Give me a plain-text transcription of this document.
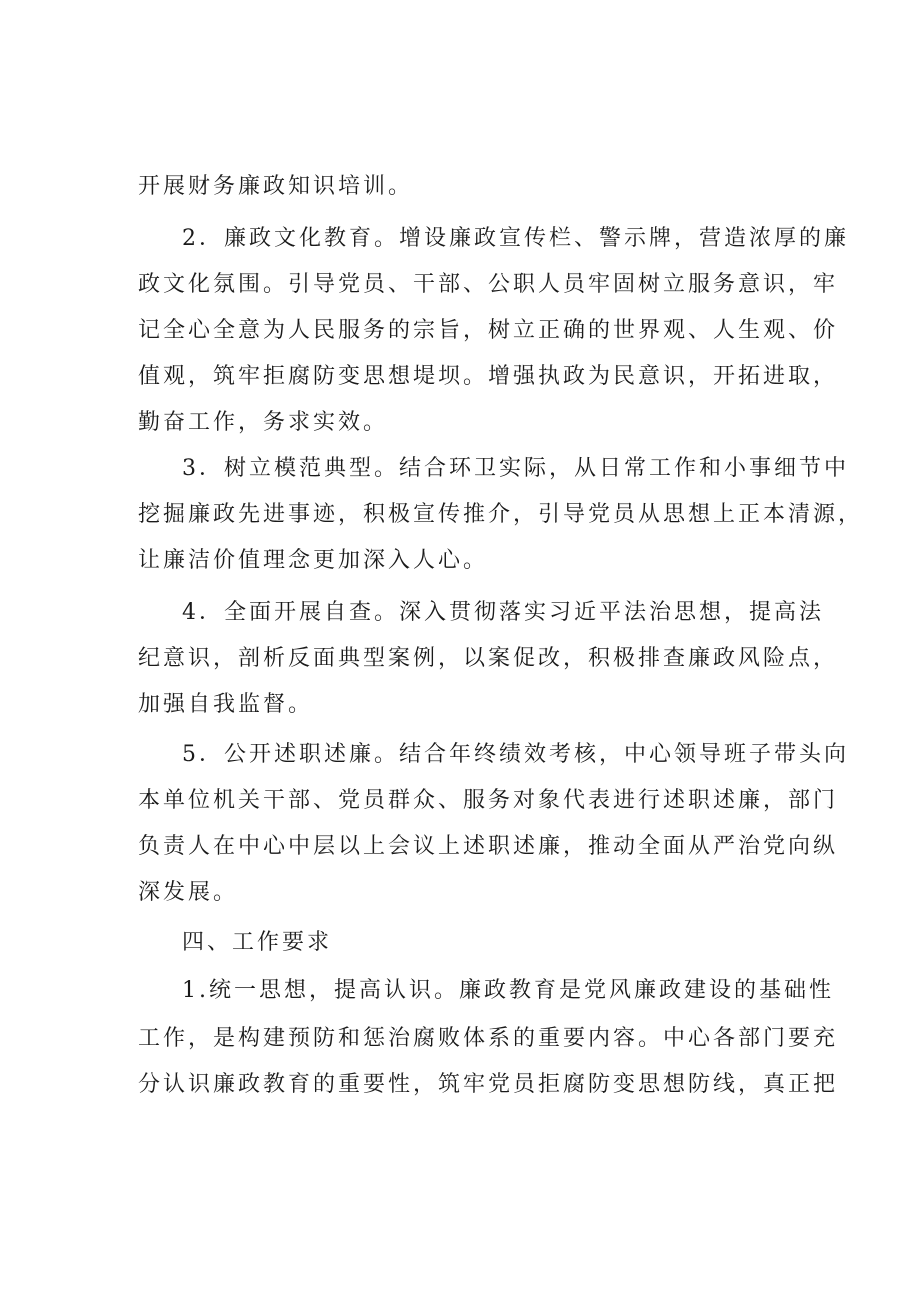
开展财务廉政知识培训。
2．廉政文化教育。增设廉政宣传栏、警示牌，营造浓厚的廉
政文化氛围。引导党员、干部、公职人员牢固树立服务意识，牢
记全心全意为人民服务的宗旨，树立正确的世界观、人生观、价
值观，筑牢拒腐防变思想堤坝。增强执政为民意识，开拓进取，
勤奋工作，务求实效。
3．树立模范典型。结合环卫实际，从日常工作和小事细节中
挖掘廉政先进事迹，积极宣传推介，引导党员从思想上正本清源，
让廉洁价值理念更加深入人心。
4．全面开展自查。深入贯彻落实习近平法治思想，提高法
纪意识，剖析反面典型案例，以案促改，积极排查廉政风险点，
加强自我监督。
5．公开述职述廉。结合年终绩效考核，中心领导班子带头向
本单位机关干部、党员群众、服务对象代表进行述职述廉，部门
负责人在中心中层以上会议上述职述廉，推动全面从严治党向纵
深发展。
四、工作要求
1.统一思想，提高认识。廉政教育是党风廉政建设的基础性
工作，是构建预防和惩治腐败体系的重要内容。中心各部门要充
分认识廉政教育的重要性，筑牢党员拒腐防变思想防线，真正把
